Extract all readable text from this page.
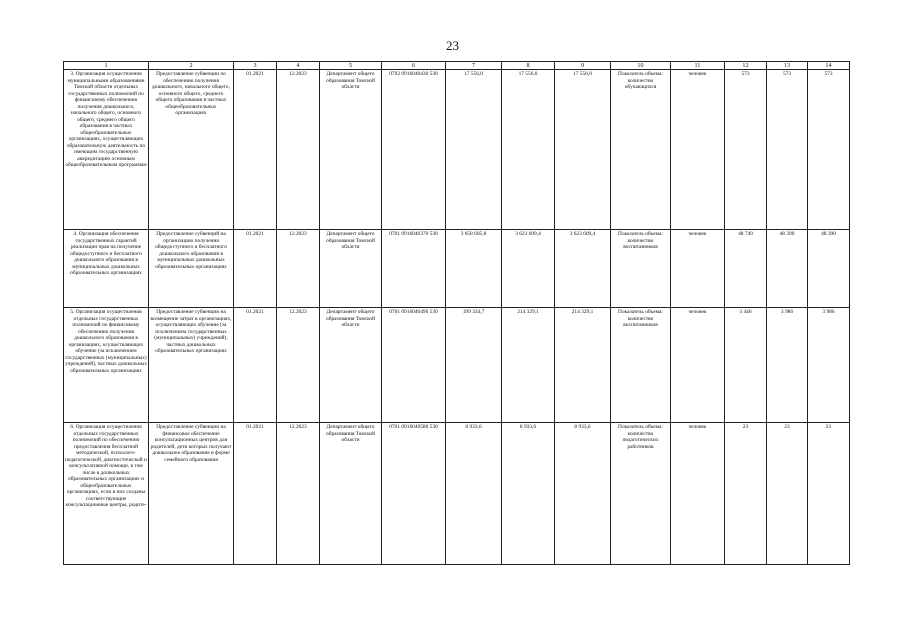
23
1	2	3	4	5	6	7	8	9	10	11	12	13	14
3. Организация осуществления муниципальными образованиями Томской области отдельных государственных полномочий по финансовому обеспечению получения дошкольного, начального общего, основного общего, среднего общего образования в частных общеобразовательных организациях, осуществляющих образовательную деятельность по имеющим государственную аккредитацию основным общеобразовательным программам	Предоставление субвенции по обеспечению получения дошкольного, начального общего, основного общего, среднего общего образования в частных общеобразовательных организациях	01.2021	12.2023	Департамент общего образования Томской области	0702 0916040430 530	17 556,0	17 556,0	17 556,0	Показатель объема: количество обучающихся	человек	573	573	573
4. Организация обеспечения государственных гарантий реализации прав на получение общедоступного и бесплатного дошкольного образования в муниципальных дошкольных образовательных организациях	Предоставление субвенций на организацию получения общедоступного и бесплатного дошкольного образования в муниципальных дошкольных образовательных организациях	01.2021	12.2023	Департамент общего образования Томской области	0701 0916040370 530	3 658 605,8	3 623 609,4	3 623 609,4	Показатель объема: количество воспитанников	человек	48 749	48 390	48 390
5. Организация осуществления отдельных государственных полномочий по финансовому обеспечению получения дошкольного образования в организациях, осуществляющих обучение (за исключением государственных (муниципальных) учреждений), частных дошкольных образовательных организациях	Предоставление субвенции на возмещение затрат в организациях, осуществляющих обучение (за исключением государственных (муниципальных) учреждений), частных дошкольных образовательных организациях	01.2021	12.2023	Департамент общего образования Томской области	0701 0916040490 530	199 334,7	214 329,1	214 329,1	Показатель объема: количество воспитанников	человек	3 446	3 986	3 986
6. Организация осуществления отдельных государственных полномочий по обеспечению предоставления бесплатной методической, психолого-педагогической, диагностической и консультативной помощи, в том числе в дошкольных образовательных организациях и общеобразовательных организациях, если в них созданы соответствующие консультационные центры, родите-	Предоставление субвенции на финансовое обеспечение консультационных центров для родителей, дети которых получают дошкольное образование в форме семейного образования	01.2021	12.2023	Департамент общего образования Томской области	0701 0916040580 530	8 933,6	8 933,6	8 933,6	Показатель объема: количество педагогических работников	человек	23	23	23
